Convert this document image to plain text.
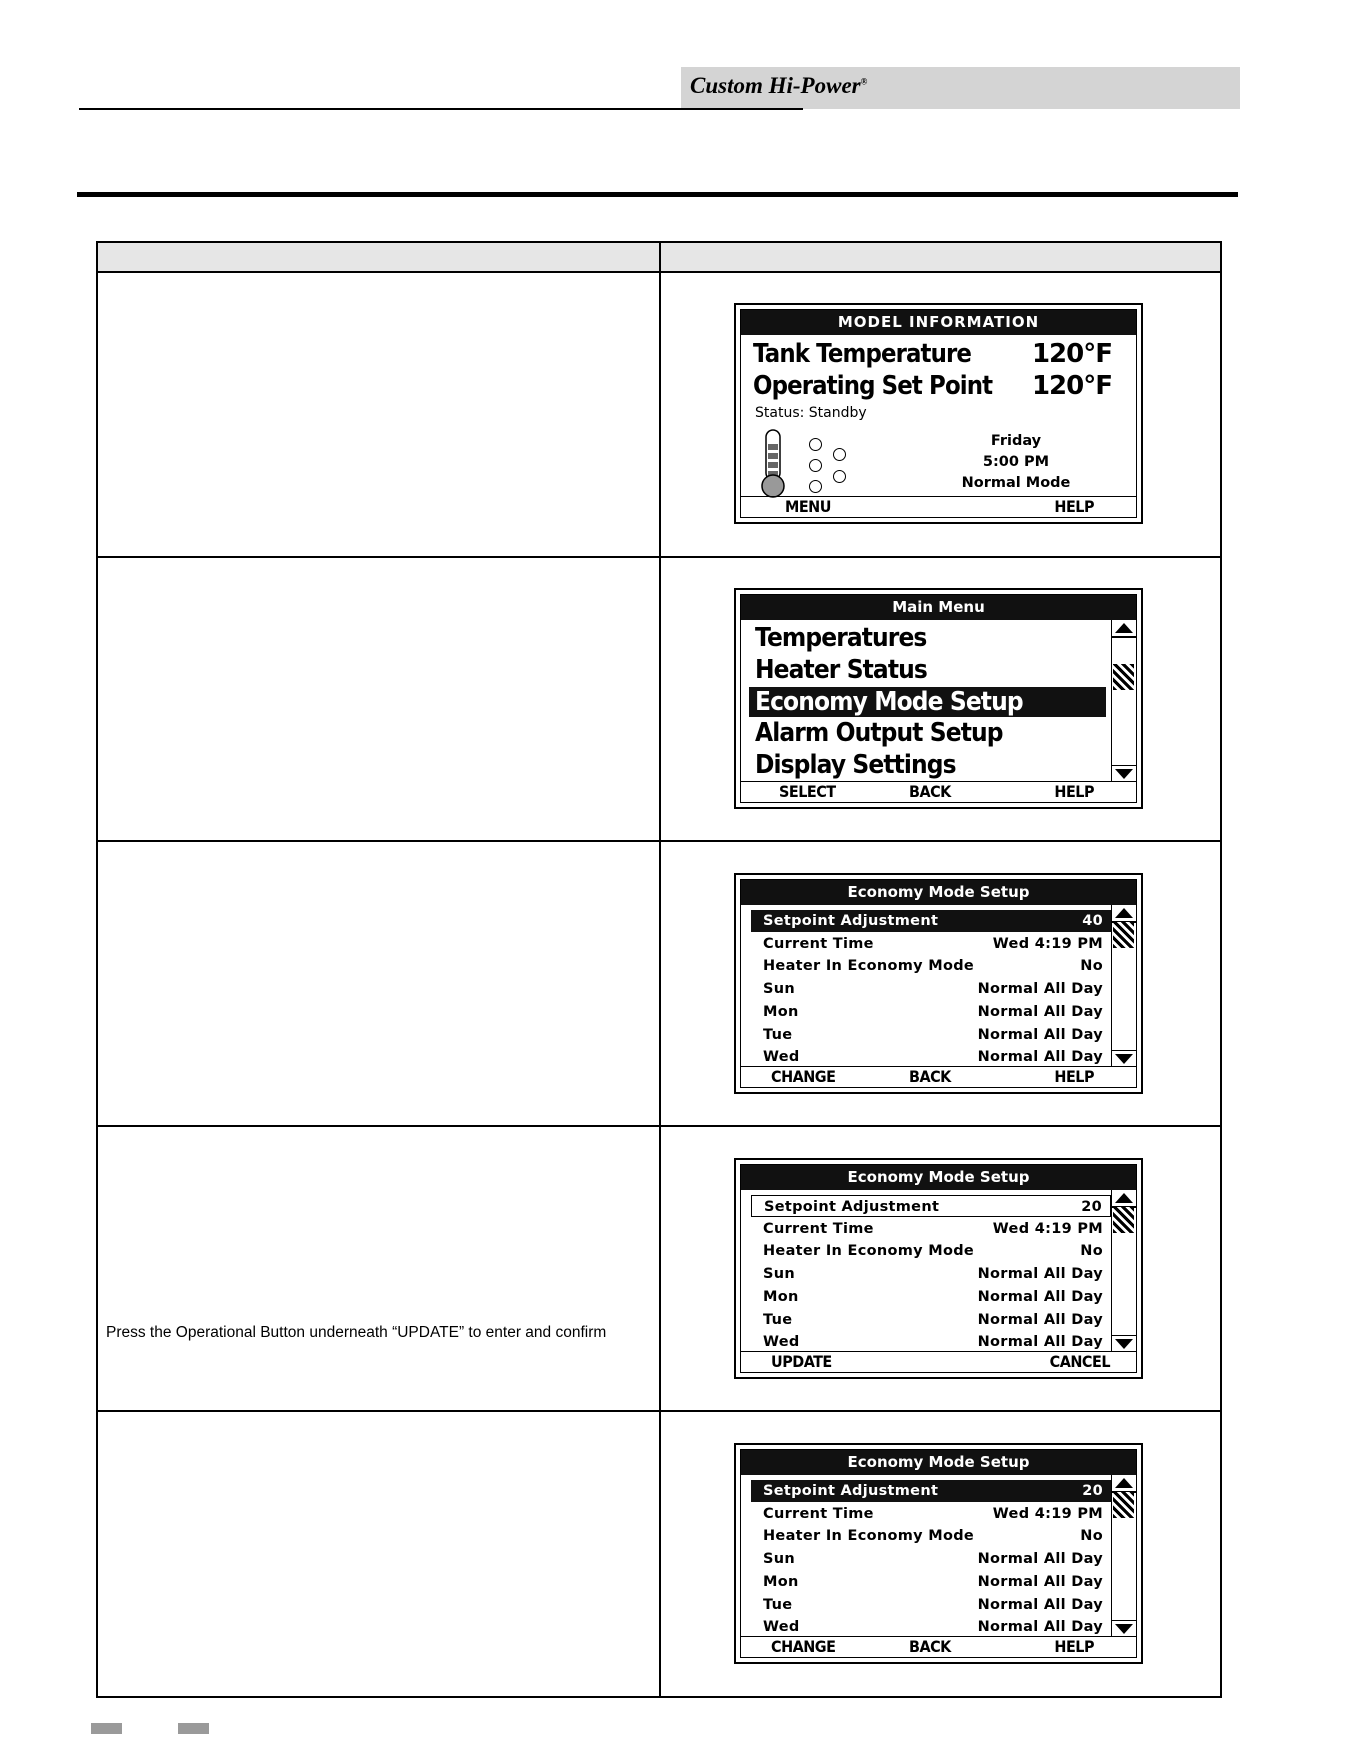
Custom Hi-Power®
Press the Operational Button underneath “UPDATE” to enter and confirm
MODEL INFORMATION
Tank Temperature 120°F
Operating Set Point 120°F
Status: Standby
Friday
5:00 PM
Normal Mode
MENU	HELP
Main Menu
Temperatures
Heater Status
Economy Mode Setup
Alarm Output Setup
Display Settings
SELECT	BACK	HELP
Economy Mode Setup
Setpoint Adjustment	40
Current Time	Wed 4:19 PM
Heater In Economy Mode	No
Sun	Normal All Day
Mon	Normal All Day
Tue	Normal All Day
Wed	Normal All Day
CHANGE	BACK	HELP
Economy Mode Setup
Setpoint Adjustment	20
Current Time	Wed 4:19 PM
Heater In Economy Mode	No
Sun	Normal All Day
Mon	Normal All Day
Tue	Normal All Day
Wed	Normal All Day
UPDATE	CANCEL
Economy Mode Setup
Setpoint Adjustment	20
Current Time	Wed 4:19 PM
Heater In Economy Mode	No
Sun	Normal All Day
Mon	Normal All Day
Tue	Normal All Day
Wed	Normal All Day
CHANGE	BACK	HELP
